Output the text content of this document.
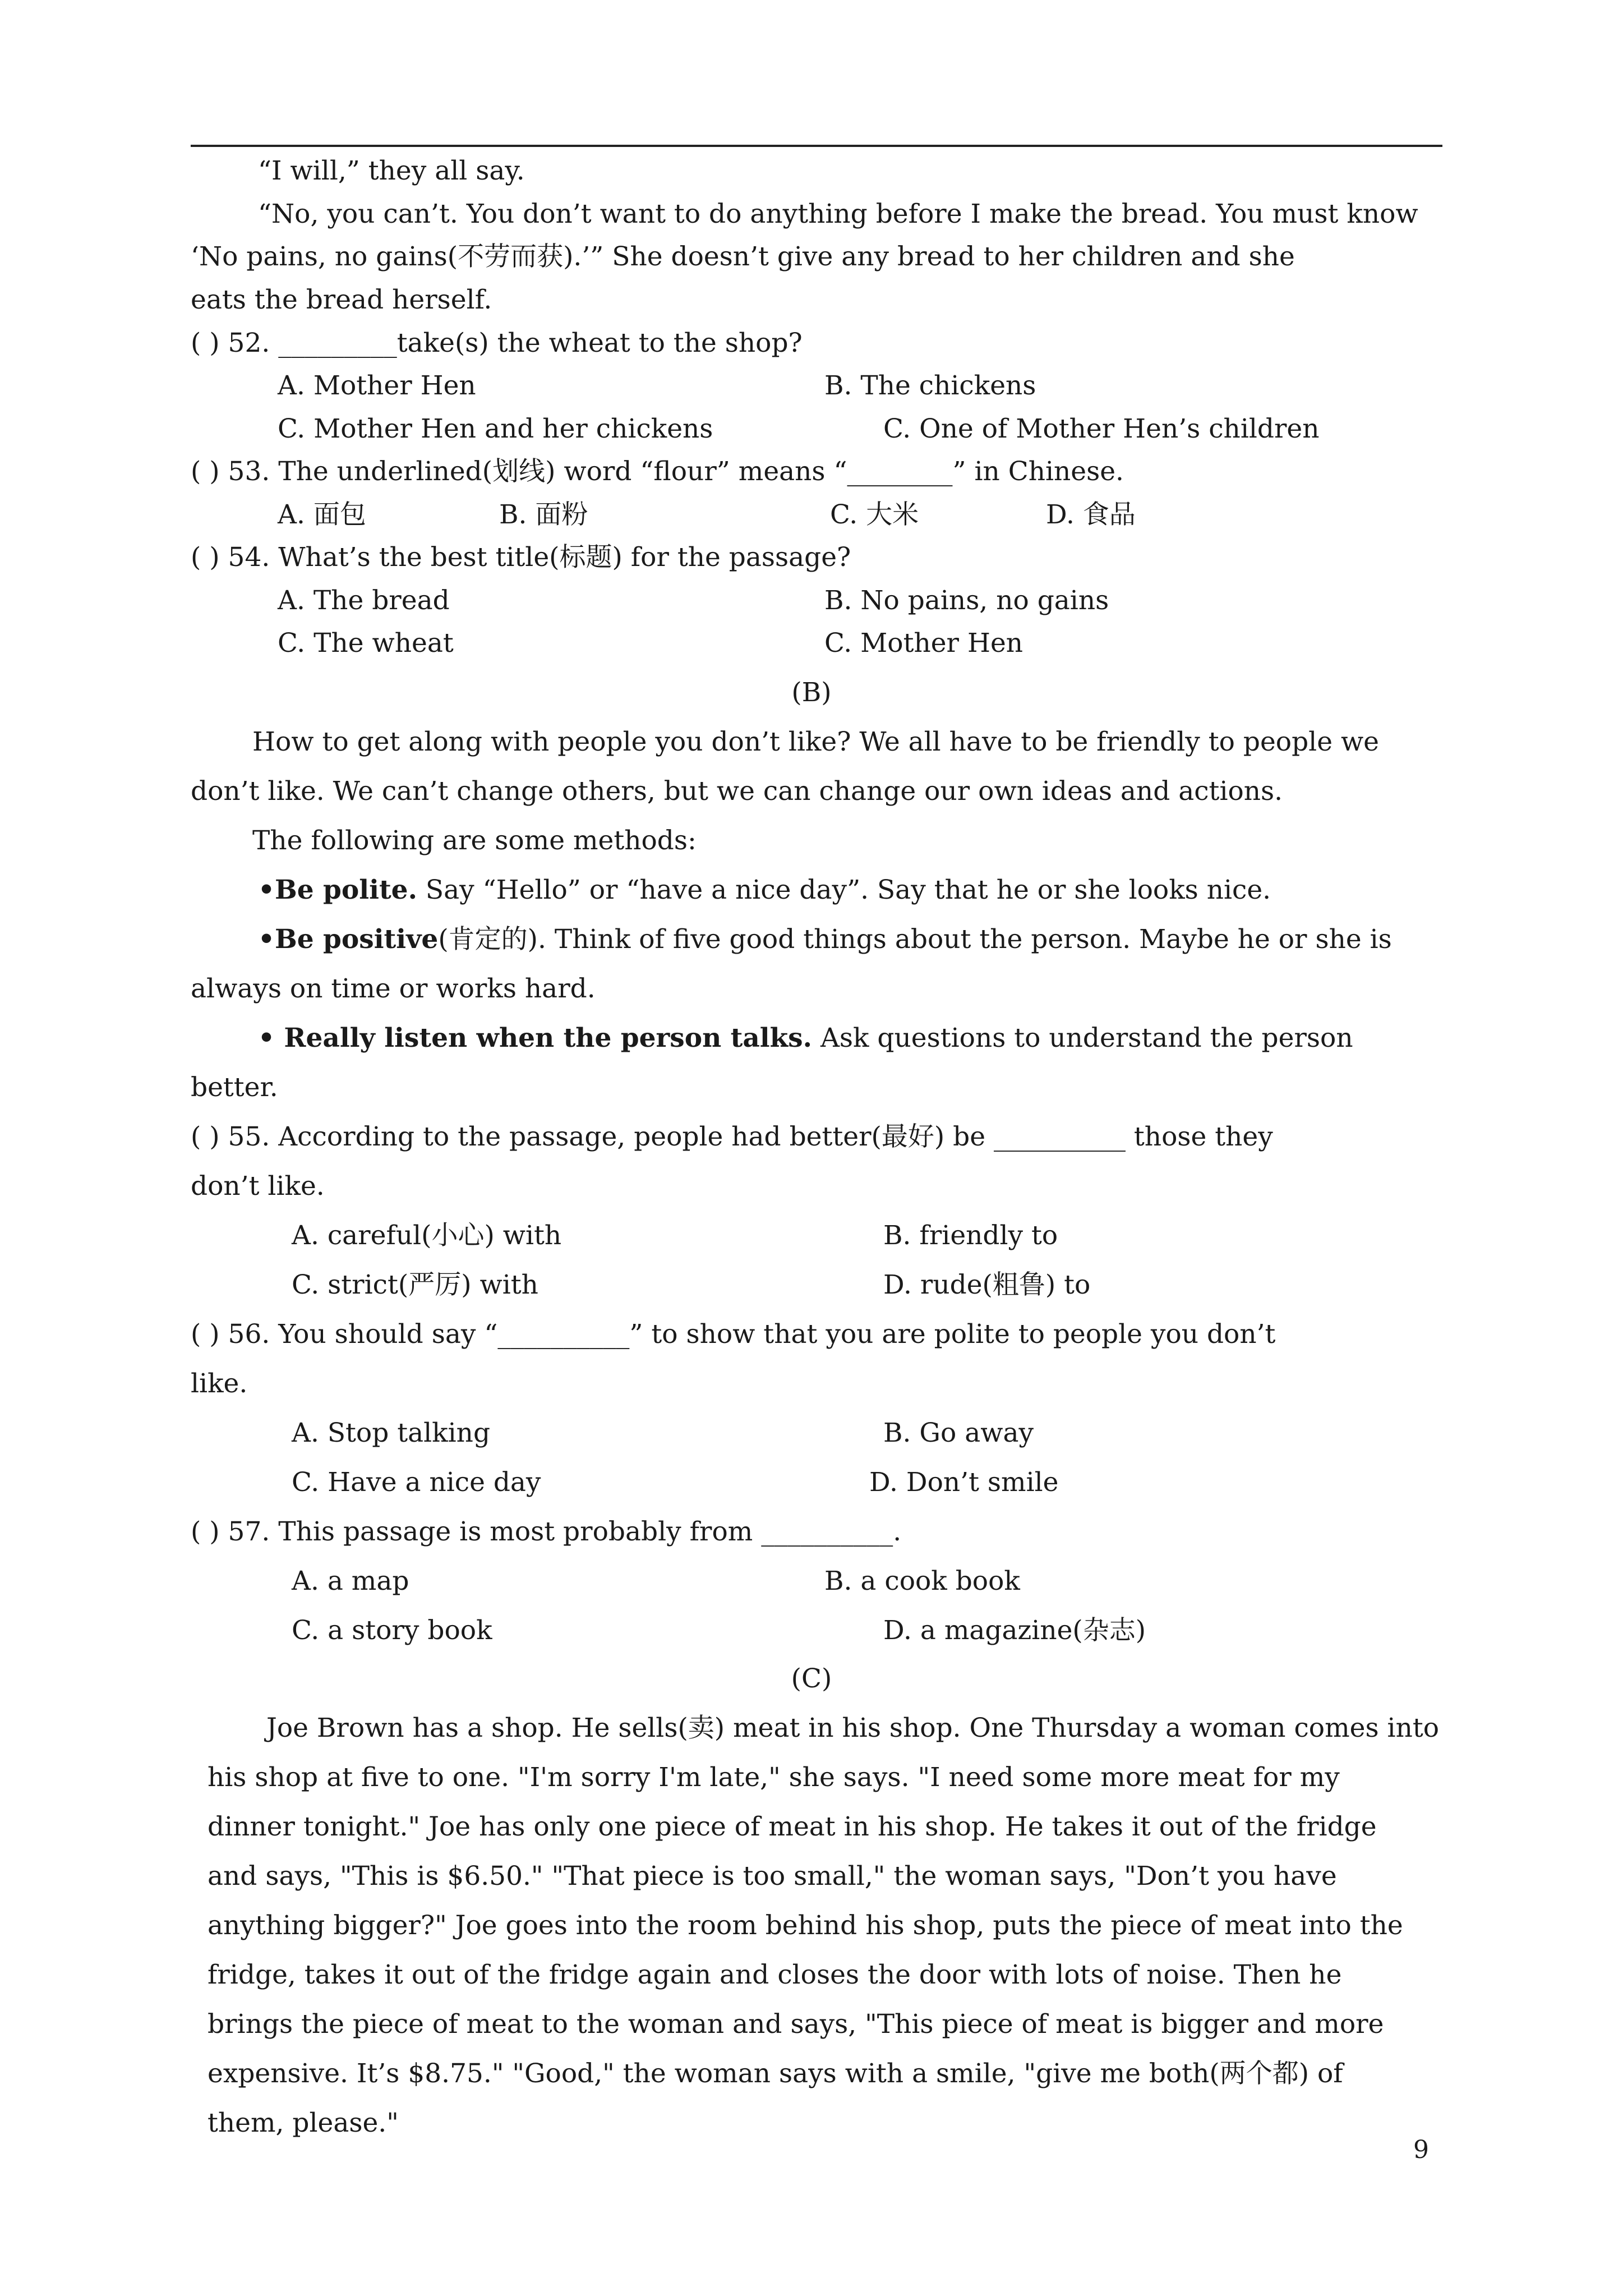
“I will,” they all say.
“No, you can’t. You don’t want to do anything before I make the bread. You must know
‘No pains, no gains(不劳而获).’” She doesn’t give any bread to her children and she
eats the bread herself.
( ) 52. _________take(s) the wheat to the shop?
A. Mother Hen	B. The chickens
C. Mother Hen and her chickens	C. One of Mother Hen’s children
( ) 53. The underlined(划线) word “flour” means “________” in Chinese.
A. 面包	B. 面粉	C. 大米	D. 食品
( ) 54. What’s the best title(标题) for the passage?
A. The bread	B. No pains, no gains
C. The wheat	C. Mother Hen
(B)
How to get along with people you don’t like? We all have to be friendly to people we
don’t like. We can’t change others, but we can change our own ideas and actions.
The following are some methods:
•Be polite. Say “Hello” or “have a nice day”. Say that he or she looks nice.
•Be positive(肯定的). Think of five good things about the person. Maybe he or she is
always on time or works hard.
• Really listen when the person talks. Ask questions to understand the person
better.
( ) 55. According to the passage, people had better(最好) be __________ those they
don’t like.
A. careful(小心) with	B. friendly to
C. strict(严厉) with	D. rude(粗鲁) to
( ) 56. You should say “__________” to show that you are polite to people you don’t
like.
A. Stop talking	B. Go away
C. Have a nice day	D. Don’t smile
( ) 57. This passage is most probably from __________.
A. a map	B. a cook book
C. a story book	D. a magazine(杂志)
(C)
Joe Brown has a shop. He sells(卖) meat in his shop. One Thursday a woman comes into
his shop at five to one. "I'm sorry I'm late," she says. "I need some more meat for my
dinner tonight." Joe has only one piece of meat in his shop. He takes it out of the fridge
and says, "This is $6.50." "That piece is too small," the woman says, "Don’t you have
anything bigger?" Joe goes into the room behind his shop, puts the piece of meat into the
fridge, takes it out of the fridge again and closes the door with lots of noise. Then he
brings the piece of meat to the woman and says, "This piece of meat is bigger and more
expensive. It’s $8.75." "Good," the woman says with a smile, "give me both(两个都) of
them, please."
9
